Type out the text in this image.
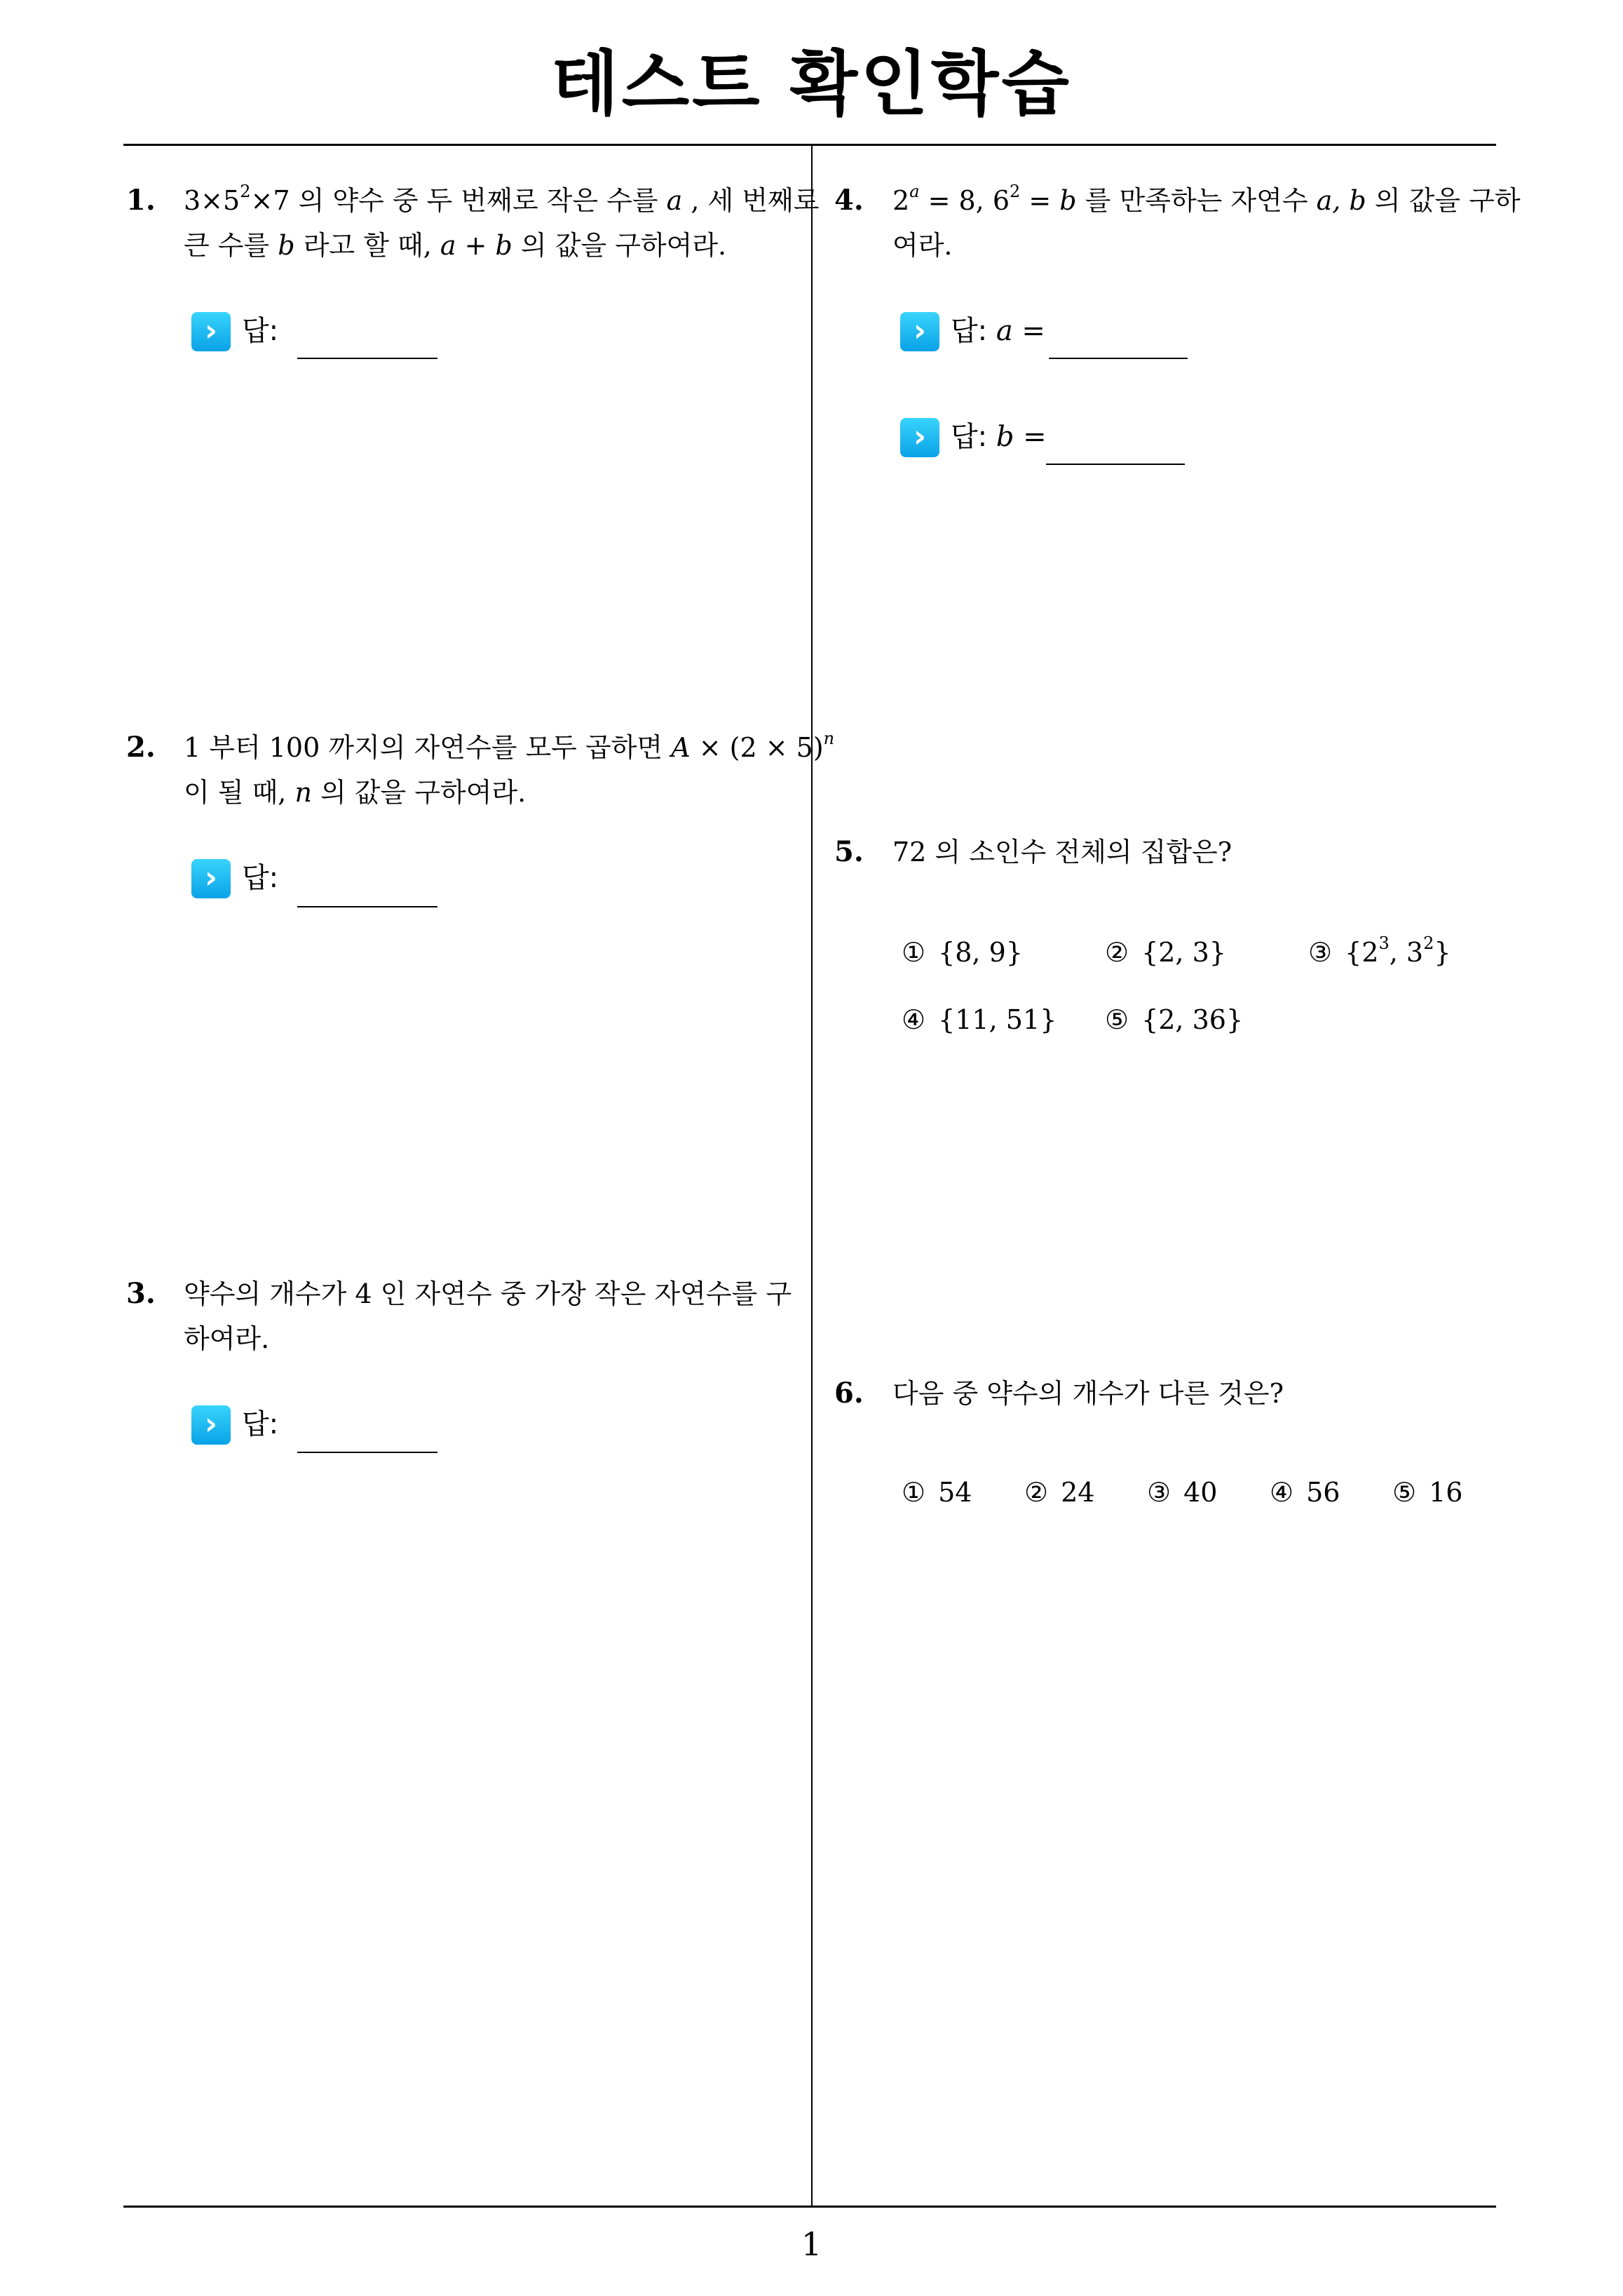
테스트 확인학습
1. $3\times 5^2\times 7$ 의 약수 중 두 번째로 작은 수를 a , 세 번째로
큰 수를 b 라고 할 때, a + b 의 값을 구하여라.
› 답:
2. 1 부터 100 까지의 자연수를 모두 곱하면 $A \times (2 \times 5)^n$
이 될 때, n 의 값을 구하여라.
› 답:
3. 약수의 개수가 4 인 자연수 중 가장 작은 자연수를 구
하여라.
› 답:
4. $2^a = 8$, $6^2 = b$ 를 만족하는 자연수 a, b 의 값을 구하
여라.
› 답: a =
› 답: b =
5. 72 의 소인수 전체의 집합은?
① {8, 9}	② {2, 3}	③ {$2^3$, $3^2$}
④ {11, 51} ⑤ {2, 36}
6. 다음 중 약수의 개수가 다른 것은?
① 54 ② 24 ③ 40 ④ 56 ⑤ 16
1
